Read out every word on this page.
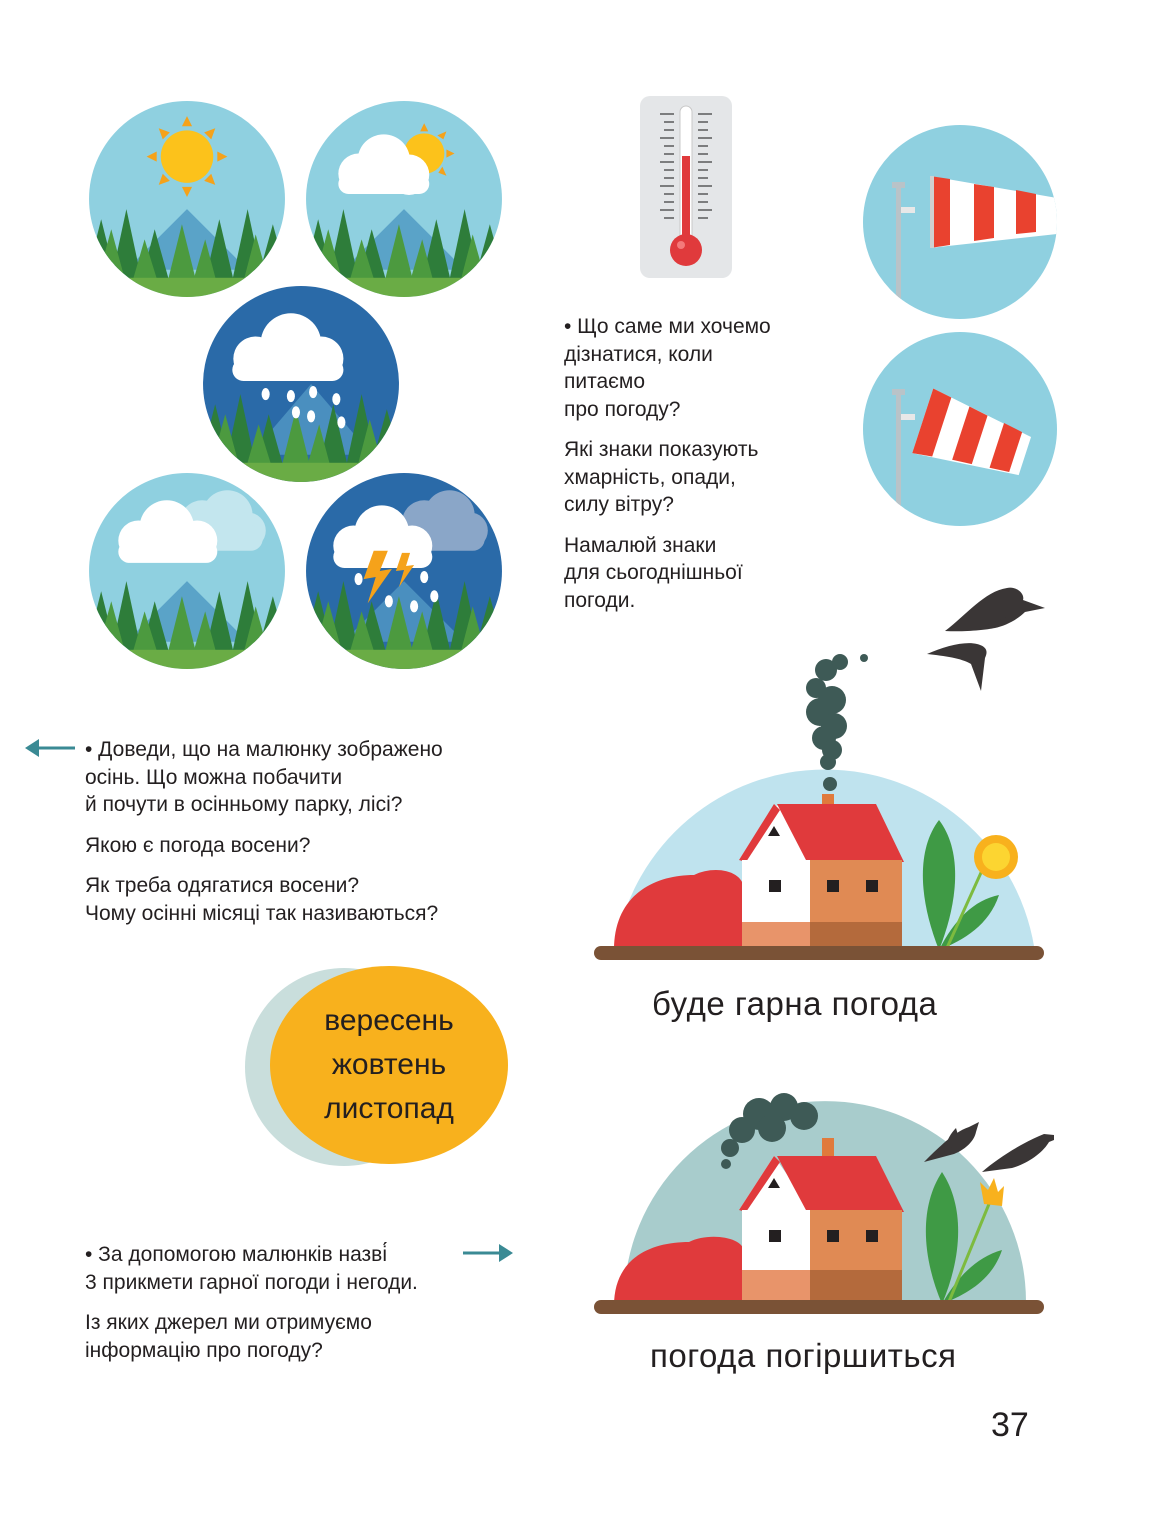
• Що саме ми хочемо
дізнатися, коли
питаємо
про погоду?

Які знаки показують
хмарність, опади,
силу вітру?

Намалюй знаки
для сьогоднішньої
погоди.

• Доведи, що на малюнку зображено
осінь. Що можна побачити
й почути в осінньому парку, лісі?

Якою є погода восени?

Як треба одягатися восени?
Чому осінні місяці так називаються?

буде гарна погода
вересень
жовтень
листопад

• За допомогою малюнків назві́
3 прикмети гарної погоди і негоди.

Із яких джерел ми отримуємо
інформацію про погоду?	погода погіршиться
37
